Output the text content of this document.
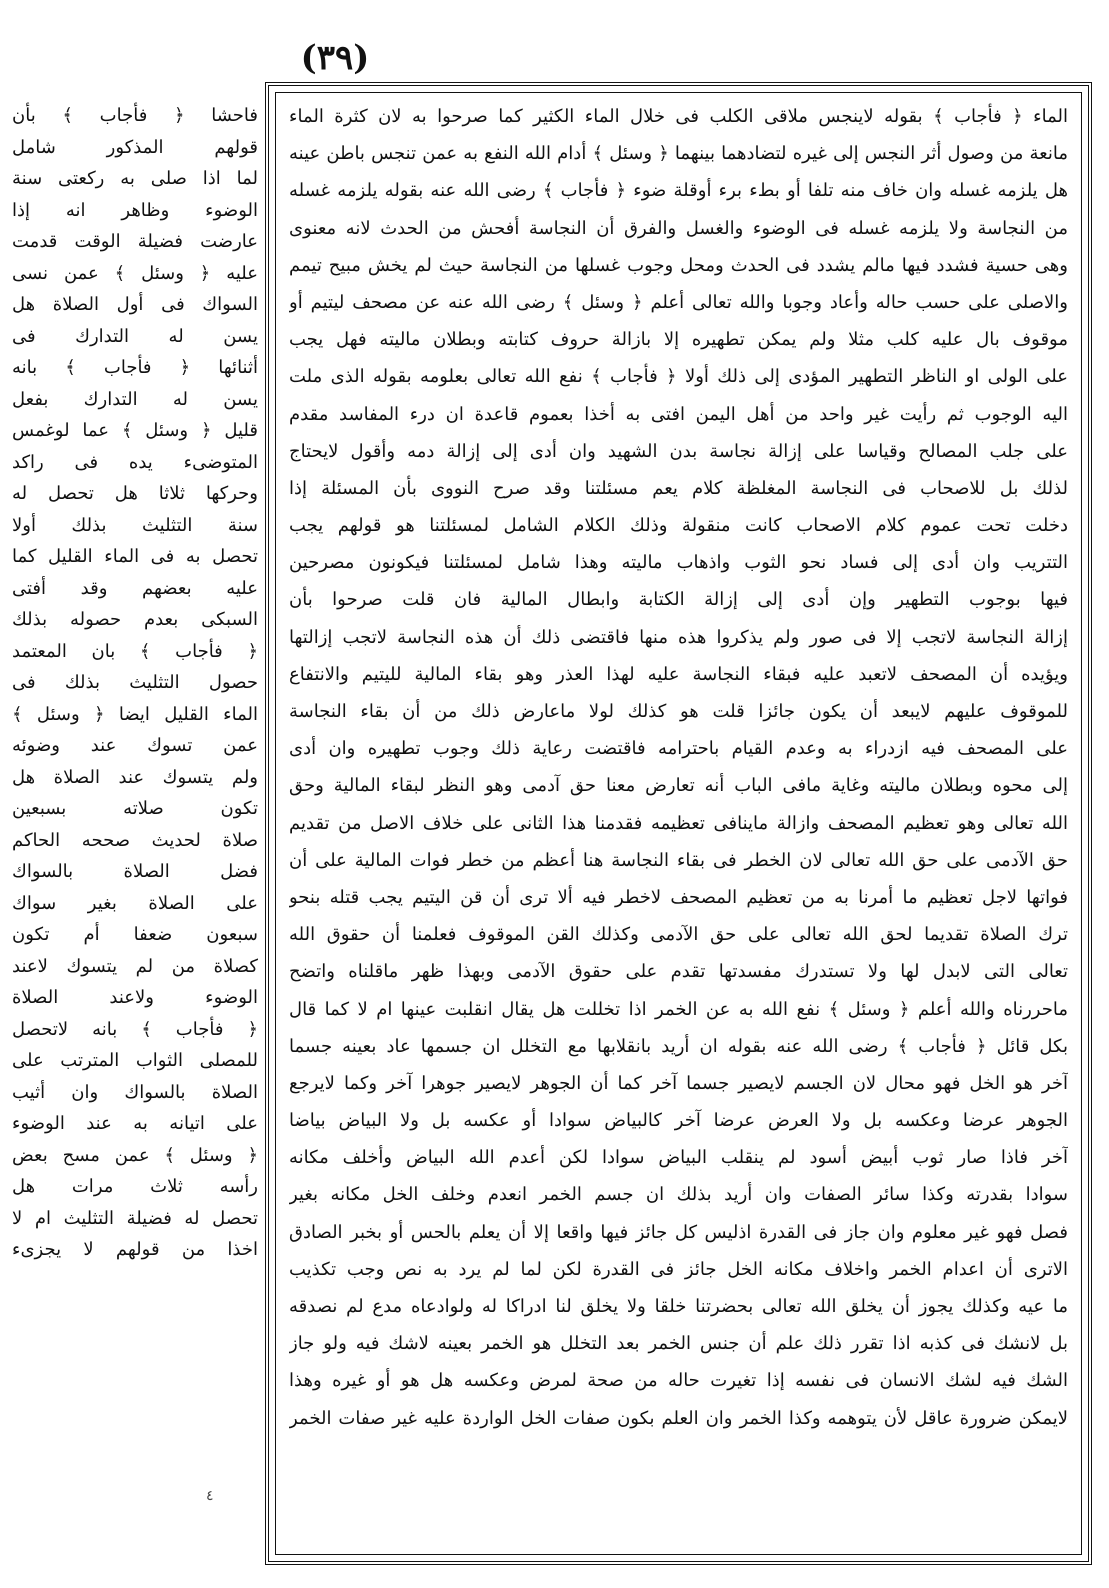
(٣٩)
فاحشا ﴿ فأجاب ﴾ بأن
قولهم المذكور شامل
لما اذا صلى به ركعتى سنة
الوضوء وظاهر انه إذا
عارضت فضيلة الوقت قدمت
عليه ﴿ وسئل ﴾ عمن نسى
السواك فى أول الصلاة هل
يسن له التدارك فى
أثنائها ﴿ فأجاب ﴾ بانه
يسن له التدارك بفعل
قليل ﴿ وسئل ﴾ عما لوغمس
المتوضىء يده فى راكد
وحركها ثلاثا هل تحصل له
سنة التثليث بذلك أولا
تحصل به فى الماء القليل كما
عليه بعضهم وقد أفتى
السبكى بعدم حصوله بذلك
﴿ فأجاب ﴾ بان المعتمد
حصول التثليث بذلك فى
الماء القليل ايضا ﴿ وسئل ﴾
عمن تسوك عند وضوئه
ولم يتسوك عند الصلاة هل
تكون صلاته بسبعين
صلاة لحديث صححه الحاكم
فضل الصلاة بالسواك
على الصلاة بغير سواك
سبعون ضعفا أم تكون
كصلاة من لم يتسوك لاعند
الوضوء ولاعند الصلاة
﴿ فأجاب ﴾ بانه لاتحصل
للمصلى الثواب المترتب على
الصلاة بالسواك وان أثيب
على اتيانه به عند الوضوء
﴿ وسئل ﴾ عمن مسح بعض
رأسه ثلاث مرات هل
تحصل له فضيلة التثليث ام لا
اخذا من قولهم لا يجزىء
الماء ﴿ فأجاب ﴾ بقوله لاينجس ملاقى الكلب فى خلال الماء الكثير كما صرحوا به لان كثرة الماء
مانعة من وصول أثر النجس إلى غيره لتضادهما بينهما ﴿ وسئل ﴾ أدام الله النفع به عمن تنجس باطن عينه
هل يلزمه غسله وان خاف منه تلفا أو بطء برء أوقلة ضوء ﴿ فأجاب ﴾ رضى الله عنه بقوله يلزمه غسله
من النجاسة ولا يلزمه غسله فى الوضوء والغسل والفرق أن النجاسة أفحش من الحدث لانه معنوى
وهى حسية فشدد فيها مالم يشدد فى الحدث ومحل وجوب غسلها من النجاسة حيث لم يخش مبيح تيمم
والاصلى على حسب حاله وأعاد وجوبا والله تعالى أعلم ﴿ وسئل ﴾ رضى الله عنه عن مصحف ليتيم أو
موقوف بال عليه كلب مثلا ولم يمكن تطهيره إلا بازالة حروف كتابته وبطلان ماليته فهل يجب
على الولى او الناظر التطهير المؤدى إلى ذلك أولا ﴿ فأجاب ﴾ نفع الله تعالى بعلومه بقوله الذى ملت
اليه الوجوب ثم رأيت غير واحد من أهل اليمن افتى به أخذا بعموم قاعدة ان درء المفاسد مقدم
على جلب المصالح وقياسا على إزالة نجاسة بدن الشهيد وان أدى إلى إزالة دمه وأقول لايحتاج
لذلك بل للاصحاب فى النجاسة المغلظة كلام يعم مسئلتنا وقد صرح النووى بأن المسئلة إذا
دخلت تحت عموم كلام الاصحاب كانت منقولة وذلك الكلام الشامل لمسئلتنا هو قولهم يجب
التتريب وان أدى إلى فساد نحو الثوب واذهاب ماليته وهذا شامل لمسئلتنا فيكونون مصرحين
فيها بوجوب التطهير وإن أدى إلى إزالة الكتابة وابطال المالية فان قلت صرحوا بأن
إزالة النجاسة لاتجب إلا فى صور ولم يذكروا هذه منها فاقتضى ذلك أن هذه النجاسة لاتجب إزالتها
ويؤيده أن المصحف لاتعبد عليه فبقاء النجاسة عليه لهذا العذر وهو بقاء المالية لليتيم والانتفاع
للموقوف عليهم لايبعد أن يكون جائزا قلت هو كذلك لولا ماعارض ذلك من أن بقاء النجاسة
على المصحف فيه ازدراء به وعدم القيام باحترامه فاقتضت رعاية ذلك وجوب تطهيره وان أدى
إلى محوه وبطلان ماليته وغاية مافى الباب أنه تعارض معنا حق آدمى وهو النظر لبقاء المالية وحق
الله تعالى وهو تعظيم المصحف وازالة ماينافى تعظيمه فقدمنا هذا الثانى على خلاف الاصل من تقديم
حق الآدمى على حق الله تعالى لان الخطر فى بقاء النجاسة هنا أعظم من خطر فوات المالية على أن
فواتها لاجل تعظيم ما أمرنا به من تعظيم المصحف لاخطر فيه ألا ترى أن قن اليتيم يجب قتله بنحو
ترك الصلاة تقديما لحق الله تعالى على حق الآدمى وكذلك القن الموقوف فعلمنا أن حقوق الله
تعالى التى لابدل لها ولا تستدرك مفسدتها تقدم على حقوق الآدمى وبهذا ظهر ماقلناه واتضح
ماحررناه والله أعلم ﴿ وسئل ﴾ نفع الله به عن الخمر اذا تخللت هل يقال انقلبت عينها ام لا كما قال
بكل قائل ﴿ فأجاب ﴾ رضى الله عنه بقوله ان أريد بانقلابها مع التخلل ان جسمها عاد بعينه جسما
آخر هو الخل فهو محال لان الجسم لايصير جسما آخر كما أن الجوهر لايصير جوهرا آخر وكما لايرجع
الجوهر عرضا وعكسه بل ولا العرض عرضا آخر كالبياض سوادا أو عكسه بل ولا البياض بياضا
آخر فاذا صار ثوب أبيض أسود لم ينقلب البياض سوادا لكن أعدم الله البياض وأخلف مكانه
سوادا بقدرته وكذا سائر الصفات وان أريد بذلك ان جسم الخمر انعدم وخلف الخل مكانه بغير
فصل فهو غير معلوم وان جاز فى القدرة اذليس كل جائز فيها واقعا إلا أن يعلم بالحس أو بخبر الصادق
الاترى أن اعدام الخمر واخلاف مكانه الخل جائز فى القدرة لكن لما لم يرد به نص وجب تكذيب
ما عيه وكذلك يجوز أن يخلق الله تعالى بحضرتنا خلقا ولا يخلق لنا ادراكا له ولوادعاه مدع لم نصدقه
بل لانشك فى كذبه اذا تقرر ذلك علم أن جنس الخمر بعد التخلل هو الخمر بعينه لاشك فيه ولو جاز
الشك فيه لشك الانسان فى نفسه إذا تغيرت حاله من صحة لمرض وعكسه هل هو أو غيره وهذا
لايمكن ضرورة عاقل لأن يتوهمه وكذا الخمر وان العلم بكون صفات الخل الواردة عليه غير صفات الخمر
٤
